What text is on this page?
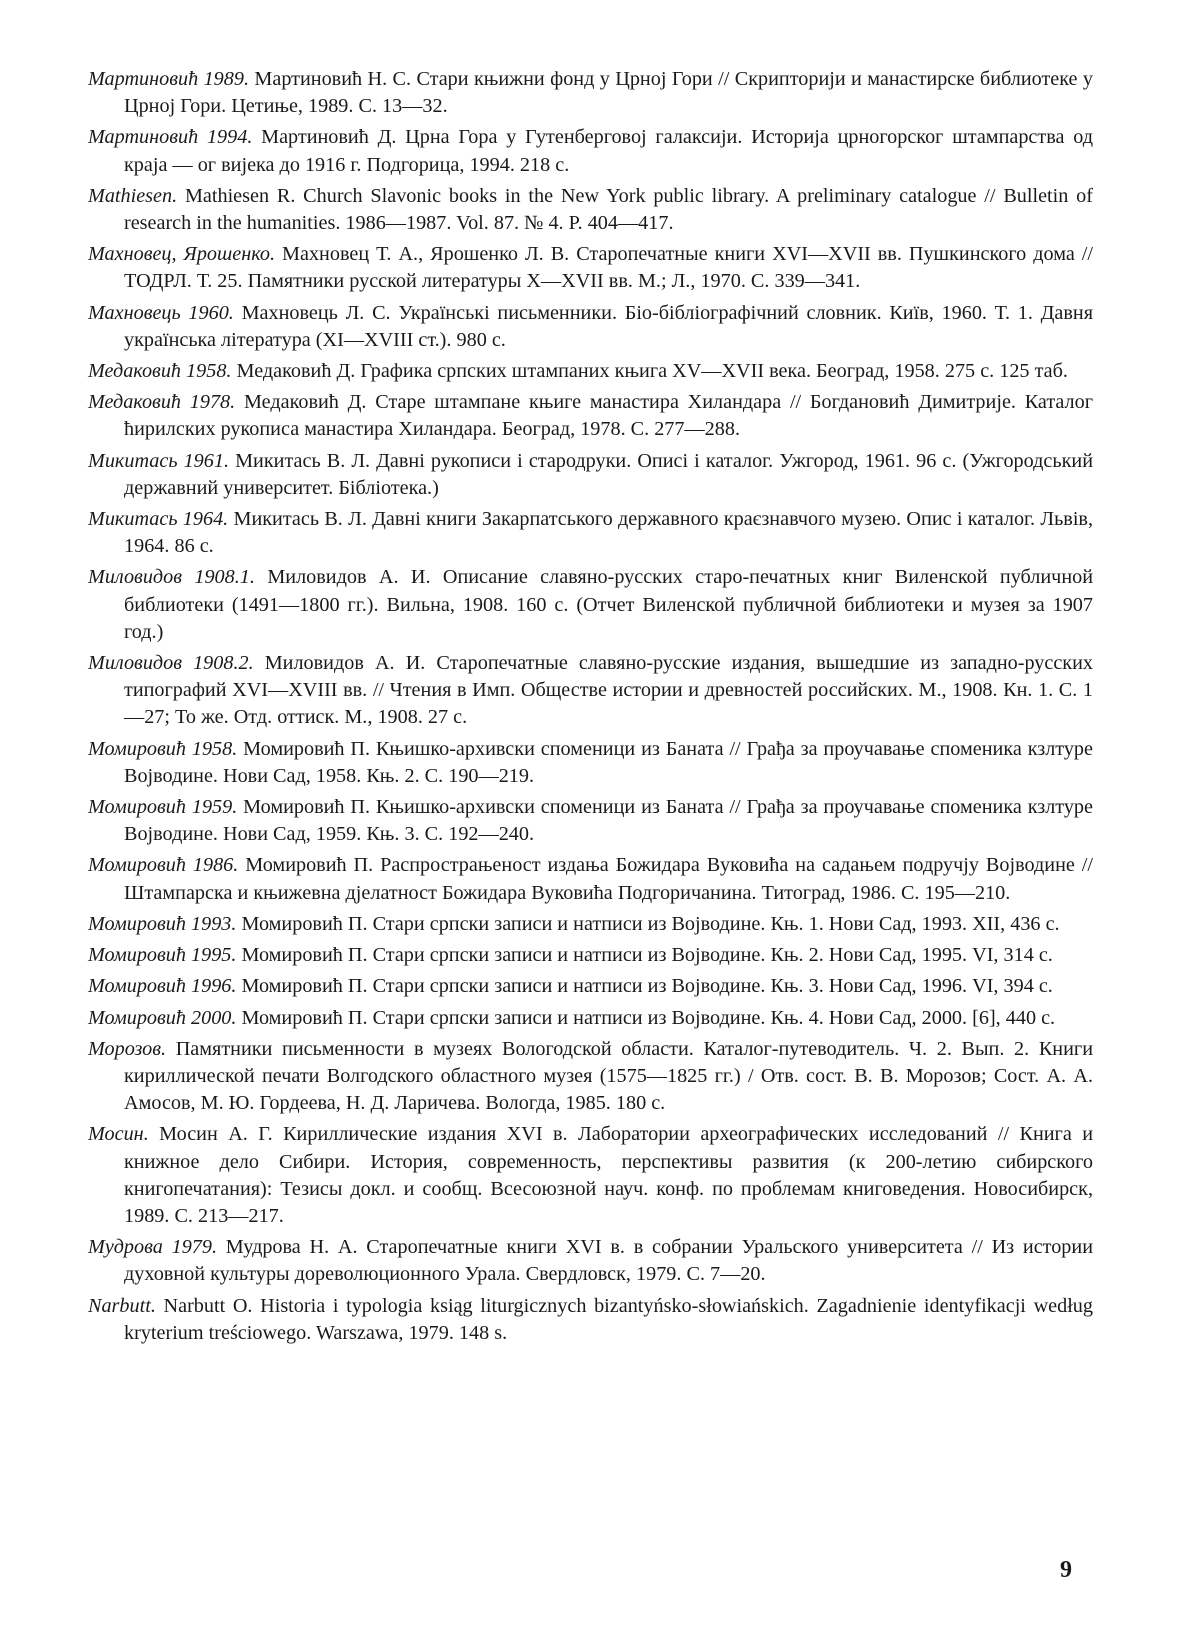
Мартиновић 1989. Мартиновић Н. С. Стари књижни фонд у Црној Гори // Скрипторији и манастирске библиотеке у Црној Гори. Цетиње, 1989. С. 13—32.

Мартиновић 1994. Мартиновић Д. Црна Гора у Гутенберговој галаксији. Историја црногорског штампарства од краја — ог вијека до 1916 г. Подгорица, 1994. 218 с.

Mathiesen. Mathiesen R. Church Slavonic books in the New York public library. A preliminary catalogue // Bulletin of research in the humanities. 1986—1987. Vol. 87. № 4. P. 404—417.

Махновец, Ярошенко. Махновец Т. А., Ярошенко Л. В. Старопечатные книги XVI—XVII вв. Пушкинского дома // ТОДРЛ. Т. 25. Памятники русской литературы X—XVII вв. М.; Л., 1970. С. 339—341.

Махновець 1960. Махновець Л. С. Українські письменники. Біо-бібліографічний словник. Київ, 1960. Т. 1. Давня українська література (XI—XVIII ст.). 980 с.

Медаковић 1958. Медаковић Д. Графика српских штампаних књига XV—XVII века. Београд, 1958. 275 с. 125 таб.

Медаковић 1978. Медаковић Д. Старе штампане књиге манастира Хиландара // Богдановић Димитрије. Каталог ћирилских рукописа манастира Хиландара. Београд, 1978. С. 277—288.

Микитась 1961. Микитась В. Л. Давні рукописи і стародруки. Описі і каталог. Ужгород, 1961. 96 с. (Ужгородський державний университет. Бібліотека.)

Микитась 1964. Микитась В. Л. Давні книги Закарпатського державного краєзнавчого музею. Опис і каталог. Львів, 1964. 86 с.

Миловидов 1908.1. Миловидов А. И. Описание славяно-русских старо-печатных книг Виленской публичной библиотеки (1491—1800 гг.). Вильна, 1908. 160 с. (Отчет Виленской публичной библиотеки и музея за 1907 год.)

Миловидов 1908.2. Миловидов А. И. Старопечатные славяно-русские издания, вышедшие из западно-русских типографий XVI—XVIII вв. // Чтения в Имп. Обществе истории и древностей российских. М., 1908. Кн. 1. С. 1—27; То же. Отд. оттиск. М., 1908. 27 с.

Момировић 1958. Момировић П. Књишко-архивски споменици из Баната // Грађа за проучавање споменика кзлтуре Војводине. Нови Сад, 1958. Књ. 2. С. 190—219.

Момировић 1959. Момировић П. Књишко-архивски споменици из Баната // Грађа за проучавање споменика кзлтуре Војводине. Нови Сад, 1959. Књ. 3. С. 192—240.

Момировић 1986. Момировић П. Распрострањеност издања Божидара Вуковића на садањем подручју Војводине // Штампарска и књижевна дјелатност Божидара Вуковића Подгоричанина. Титоград, 1986. С. 195—210.

Момировић 1993. Момировић П. Стари српски записи и натписи из Војводине. Књ. 1. Нови Сад, 1993. XII, 436 с.

Момировић 1995. Момировић П. Стари српски записи и натписи из Војводине. Књ. 2. Нови Сад, 1995. VI, 314 с.

Момировић 1996. Момировић П. Стари српски записи и натписи из Војводине. Књ. 3. Нови Сад, 1996. VI, 394 с.

Момировић 2000. Момировић П. Стари српски записи и натписи из Војводине. Књ. 4. Нови Сад, 2000. [6], 440 с.

Морозов. Памятники письменности в музеях Вологодской области. Каталог-путеводитель. Ч. 2. Вып. 2. Книги кириллической печати Волгодского областного музея (1575—1825 гг.) / Отв. сост. В. В. Морозов; Сост. А. А. Амосов, М. Ю. Гордеева, Н. Д. Ларичева. Вологда, 1985. 180 с.

Мосин. Мосин А. Г. Кириллические издания XVI в. Лаборатории археографических исследований // Книга и книжное дело Сибири. История, современность, перспективы развития (к 200-летию сибирского книгопечатания): Тезисы докл. и сообщ. Всесоюзной науч. конф. по проблемам книговедения. Новосибирск, 1989. С. 213—217.

Мудрова 1979. Мудрова Н. А. Старопечатные книги XVI в. в собрании Уральского университета // Из истории духовной культуры дореволюционного Урала. Свердловск, 1979. С. 7—20.

Narbutt. Narbutt O. Historia i typologia ksiąg liturgicznych bizantyńsko-słowiańskich. Zagadnienie identyfikacji według kryterium treściowego. Warszawa, 1979. 148 s.

9
